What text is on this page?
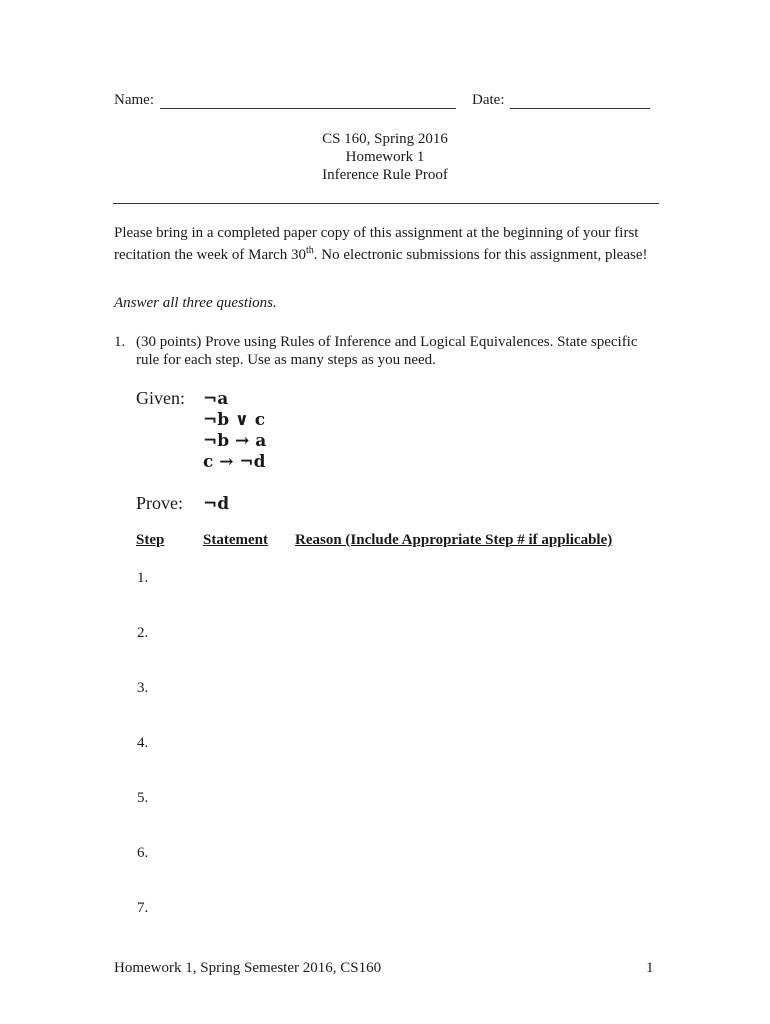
Name:	Date:
CS 160, Spring 2016
Homework 1
Inference Rule Proof
Please bring in a completed paper copy of this assignment at the beginning of your first recitation the week of March 30th. No electronic submissions for this assignment, please!
Answer all three questions.
1. (30 points) Prove using Rules of Inference and Logical Equivalences. State specific rule for each step. Use as many steps as you need.
Given: ¬a
¬b ∨ c
¬b → a
c → ¬d
Prove: ¬d
Step	Statement Reason (Include Appropriate Step # if applicable)
1.
2.
3.
4.
5.
6.
7.
Homework 1, Spring Semester 2016, CS160	1
